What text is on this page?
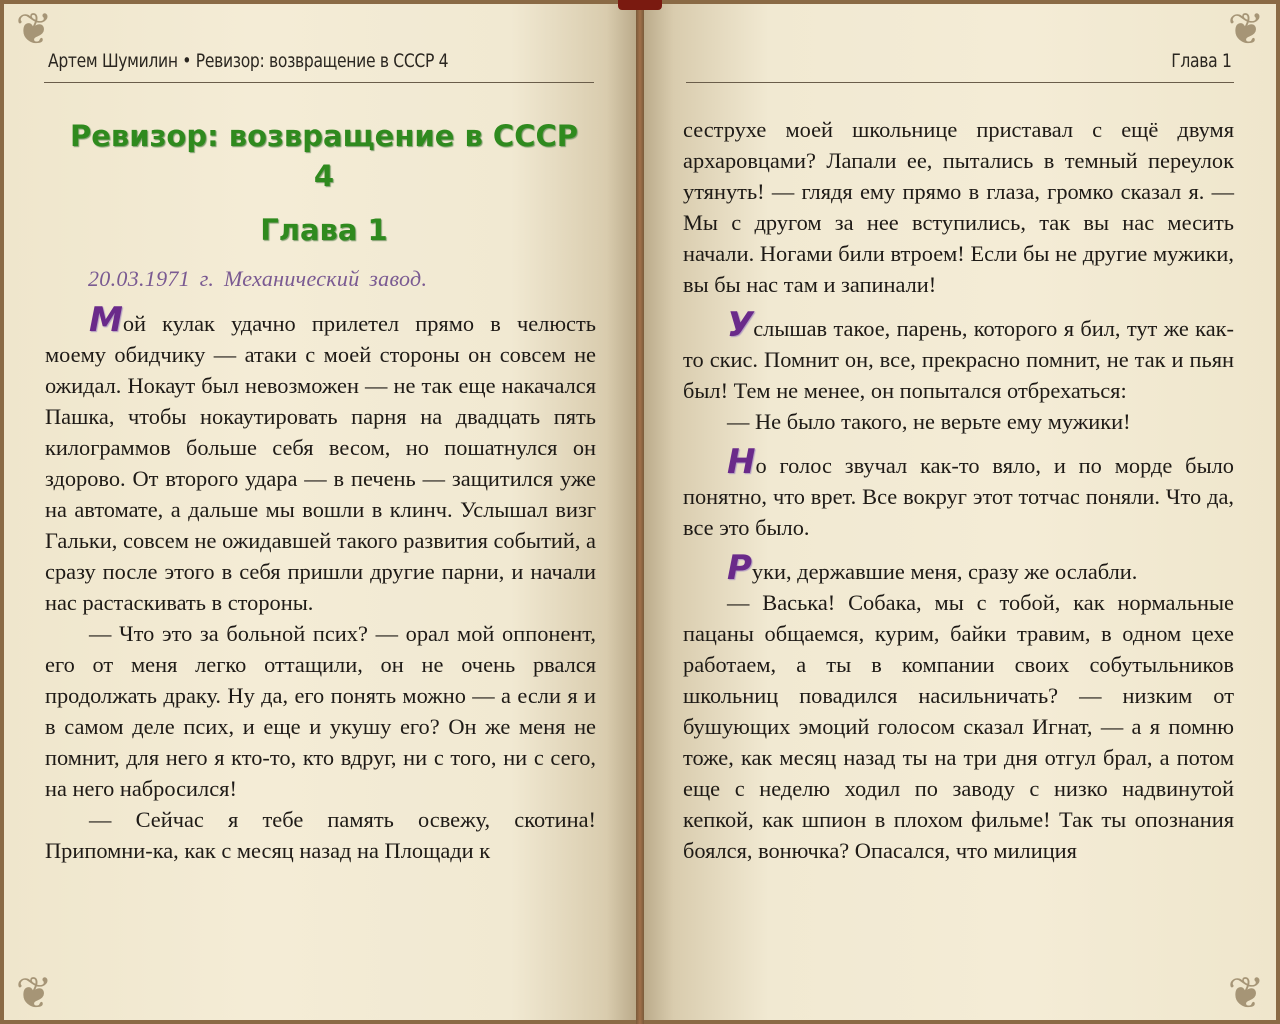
❦
❦
Артем Шумилин • Ревизор: возвращение в СССР 4
Ревизор: возвращение в СССР
4
Глава 1
20.03.1971 г. Механический завод.

Мой кулак удачно прилетел прямо в челюсть моему обидчику — атаки с моей стороны он совсем не ожидал. Нокаут был невозможен — не так еще накачался Пашка, чтобы нокаутировать парня на двадцать пять килограммов больше себя весом, но пошатнулся он здорово. От второго удара — в печень — защитился уже на автомате, а дальше мы вошли в клинч. Услышал визг Гальки, совсем не ожидавшей такого развития событий, а сразу после этого в себя пришли другие парни, и начали нас растаскивать в стороны.

— Что это за больной псих? — орал мой оппонент, его от меня легко оттащили, он не очень рвался продолжать драку. Ну да, его понять можно — а если я и в самом деле псих, и еще и укушу его? Он же меня не помнит, для него я кто-то, кто вдруг, ни с того, ни с сего, на него набросился!

— Сейчас я тебе память освежу, скотина! Припомни-ка, как с месяц назад на Площади к

❦
❦
Глава 1

сеструхе моей школьнице приставал с ещё двумя архаровцами? Лапали ее, пытались в темный переулок утянуть! — глядя ему прямо в глаза, громко сказал я. — Мы с другом за нее вступились, так вы нас месить начали. Ногами били втроем! Если бы не другие мужики, вы бы нас там и запинали!

Услышав такое, парень, которого я бил, тут же как-то скис. Помнит он, все, прекрасно помнит, не так и пьян был! Тем не менее, он попытался отбрехаться:

— Не было такого, не верьте ему мужики!

Но голос звучал как-то вяло, и по морде было понятно, что врет. Все вокруг этот тотчас поняли. Что да, все это было.

Руки, державшие меня, сразу же ослабли.

— Васька! Собака, мы с тобой, как нормальные пацаны общаемся, курим, байки травим, в одном цехе работаем, а ты в компании своих собутыльников школьниц повадился насильничать? — низким от бушующих эмоций голосом сказал Игнат, — а я помню тоже, как месяц назад ты на три дня отгул брал, а потом еще с неделю ходил по заводу с низко надвинутой кепкой, как шпион в плохом фильме! Так ты опознания боялся, вонючка? Опасался, что милиция
